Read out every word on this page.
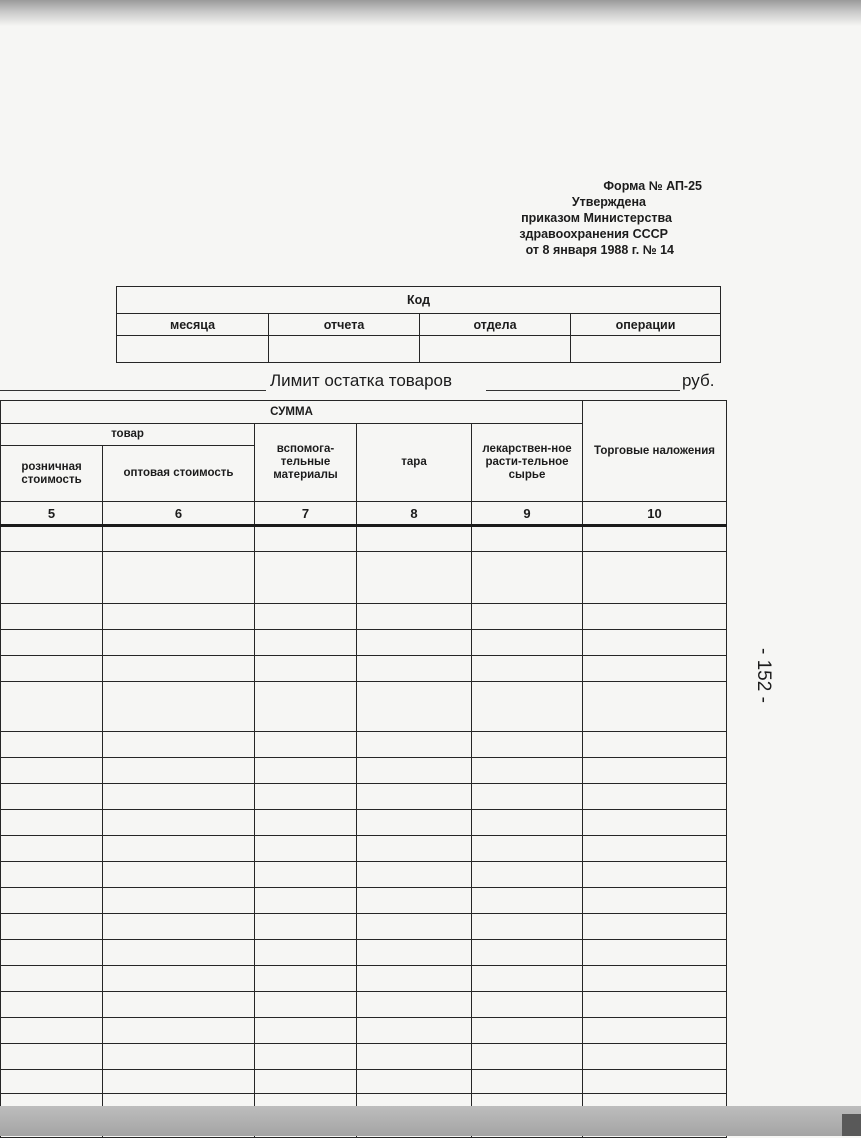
Форма № АП-25
Утверждена
приказом Министерства
здравоохранения СССР
от 8 января 1988 г. № 14
Код			
месяца	отчета	отдела	операции

Лимит остатка товаров	руб.
СУММА					Торговые наложения
товар		вспомога-тельные материалы	тара	лекарствен-ное расти-тельное сырье	
розничная стоимость	оптовая стоимость				
5	6	7	8	9	10

- 152 -
